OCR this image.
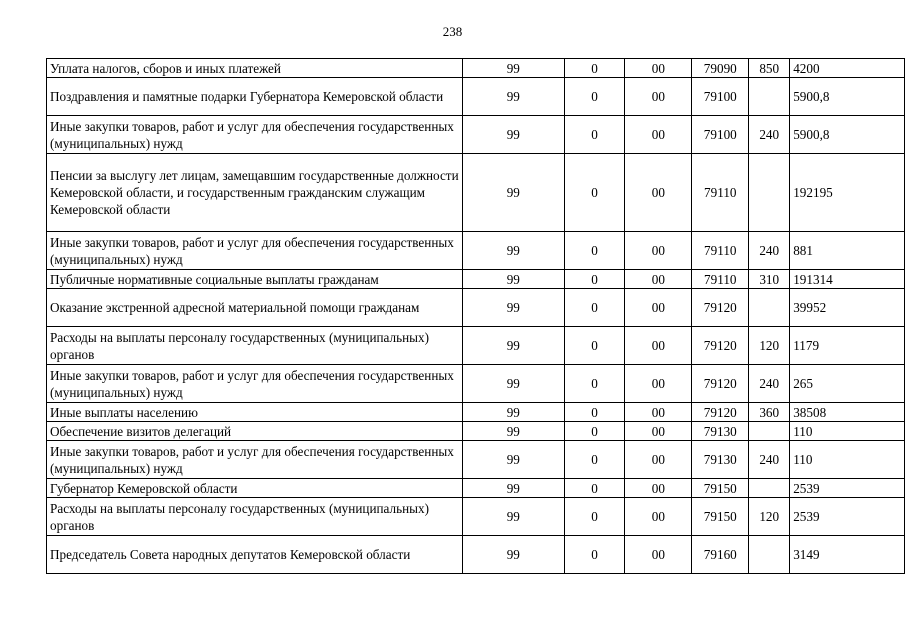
238
Уплата налогов, сборов и иных платежей	99	0	00	79090	850	4200
Поздравления и памятные подарки Губернатора Кемеровской области	99	0	00	79100		5900,8
Иные закупки товаров, работ и услуг для обеспечения государственных (муниципальных) нужд	99	0	00	79100	240	5900,8
Пенсии за выслугу лет лицам, замещавшим государственные должности Кемеровской области, и государственным гражданским служащим Кемеровской области	99	0	00	79110		192195
Иные закупки товаров, работ и услуг для обеспечения государственных (муниципальных) нужд	99	0	00	79110	240	881
Публичные нормативные социальные выплаты гражданам	99	0	00	79110	310	191314
Оказание экстренной адресной материальной помощи гражданам	99	0	00	79120		39952
Расходы на выплаты персоналу государственных (муниципальных) органов	99	0	00	79120	120	1179
Иные закупки товаров, работ и услуг для обеспечения государственных (муниципальных) нужд	99	0	00	79120	240	265
Иные выплаты населению	99	0	00	79120	360	38508
Обеспечение визитов делегаций	99	0	00	79130		110
Иные закупки товаров, работ и услуг для обеспечения государственных (муниципальных) нужд	99	0	00	79130	240	110
Губернатор Кемеровской области	99	0	00	79150		2539
Расходы на выплаты персоналу государственных (муниципальных) органов	99	0	00	79150	120	2539
Председатель Совета народных депутатов Кемеровской области	99	0	00	79160		3149
